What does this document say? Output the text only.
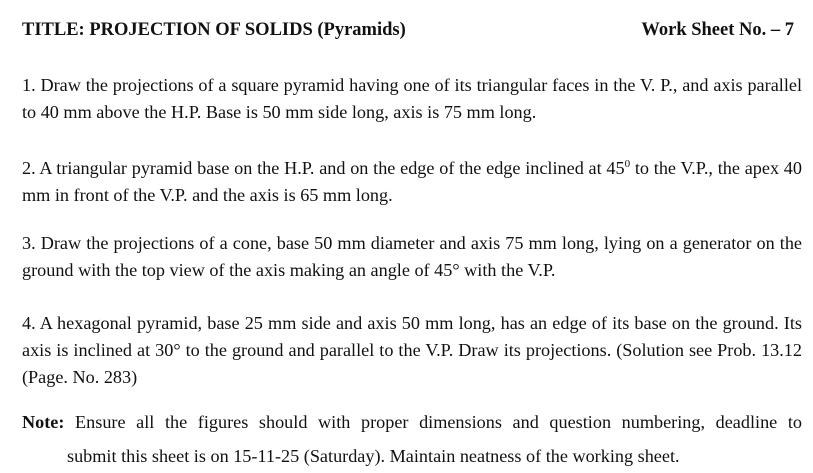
TITLE: PROJECTION OF SOLIDS (Pyramids)	Work Sheet No. – 7

1. Draw the projections of a square pyramid having one of its triangular faces in the V. P., and axis parallel to 40 mm above the H.P. Base is 50 mm side long, axis is 75 mm long.

2. A triangular pyramid base on the H.P. and on the edge of the edge inclined at $45^0$ to the V.P., the apex 40 mm in front of the V.P. and the axis is 65 mm long.

3. Draw the projections of a cone, base 50 mm diameter and axis 75 mm long, lying on a generator on the ground with the top view of the axis making an angle of 45° with the V.P.

4. A hexagonal pyramid, base 25 mm side and axis 50 mm long, has an edge of its base on the ground. Its axis is inclined at 30° to the ground and parallel to the V.P. Draw its projections. (Solution see Prob. 13.12 (Page. No. 283)

Note: Ensure all the figures should with proper dimensions and question numbering, deadline to
submit this sheet is on 15-11-25 (Saturday). Maintain neatness of the working sheet.
